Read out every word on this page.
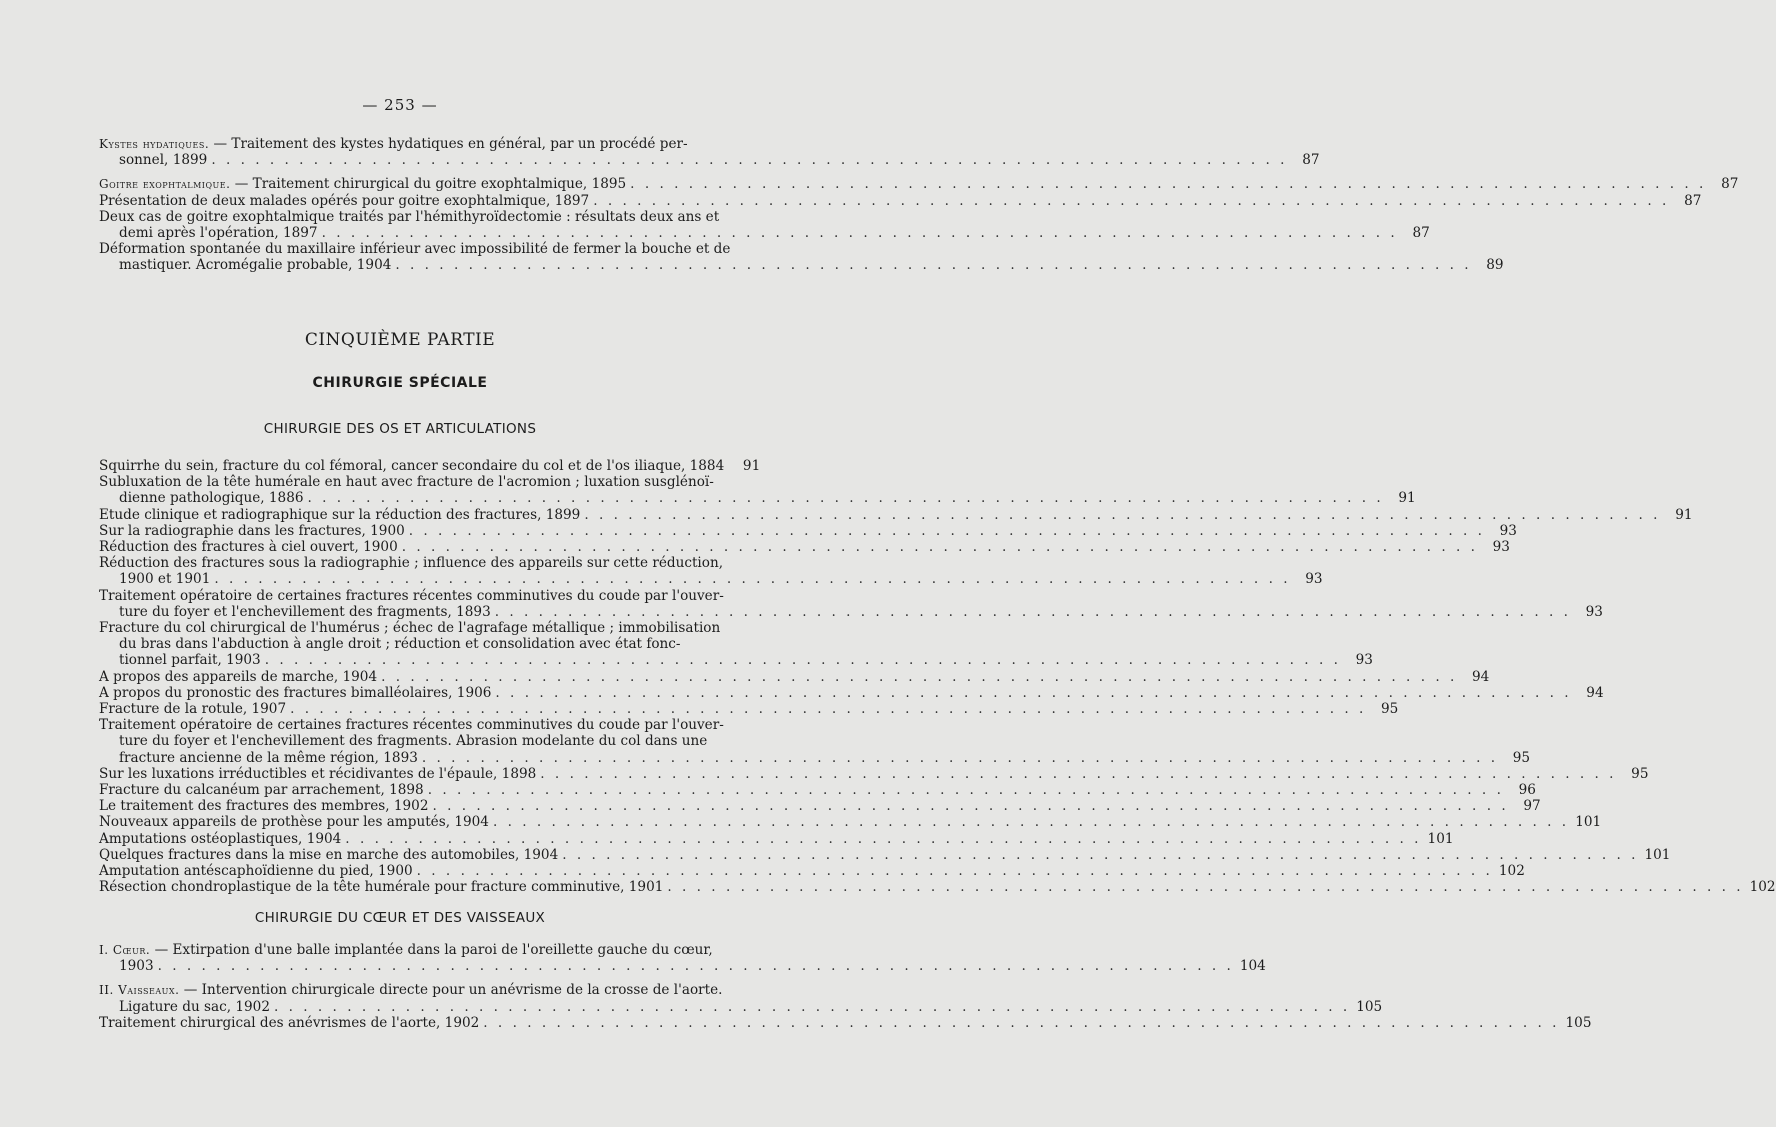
— 253 —
Kystes hydatiques.
— Traitement des kystes hydatiques en général, par un procédé per-
sonnel, 1899 . . .	87
Goitre exophtalmique.
— Traitement chirurgical du goitre exophtalmique, 1895 . . .	87
Présentation de deux malades opérés pour goitre exophtalmique, 1897 . . .	87
Deux cas de goitre exophtalmique traités par l'hémithyroïdectomie : résultats deux ans et
demi après l'opération, 1897 . . .	87
Déformation spontanée du maxillaire inférieur avec impossibilité de fermer la bouche et de
mastiquer. Acromégalie probable, 1904 . . .	89
CINQUIÈME PARTIE
CHIRURGIE SPÉCIALE
CHIRURGIE DES OS ET ARTICULATIONS
Squirrhe du sein, fracture du col fémoral, cancer secondaire du col et de l'os iliaque, 1884	91
Subluxation de la tête humérale en haut avec fracture de l'acromion ; luxation susglénoï-
dienne pathologique, 1886 . . .	91
Etude clinique et radiographique sur la réduction des fractures, 1899 . . .	91
Sur la radiographie dans les fractures, 1900 . . .	93
Réduction des fractures à ciel ouvert, 1900 . . .	93
Réduction des fractures sous la radiographie ; influence des appareils sur cette réduction,
1900 et 1901 . . .	93
Traitement opératoire de certaines fractures récentes comminutives du coude par l'ouver-
ture du foyer et l'enchevillement des fragments, 1893 . . .	93
Fracture du col chirurgical de l'humérus ; échec de l'agrafage métallique ; immobilisation
du bras dans l'abduction à angle droit ; réduction et consolidation avec état fonc-
tionnel parfait, 1903 . . .	93
A propos des appareils de marche, 1904 . . .	94
A propos du pronostic des fractures bimalléolaires, 1906 . . .	94
Fracture de la rotule, 1907 . . .	95
Traitement opératoire de certaines fractures récentes comminutives du coude par l'ouver-
ture du foyer et l'enchevillement des fragments. Abrasion modelante du col dans une
fracture ancienne de la même région, 1893 . . .	95
Sur les luxations irréductibles et récidivantes de l'épaule, 1898 . . .	95
Fracture du calcanéum par arrachement, 1898 . . .	96
Le traitement des fractures des membres, 1902 . . .	97
Nouveaux appareils de prothèse pour les amputés, 1904 . . .	101
Amputations ostéoplastiques, 1904 . . .	101
Quelques fractures dans la mise en marche des automobiles, 1904 . . .	101
Amputation antéscaphoïdienne du pied, 1900 . . .	102
Résection chondroplastique de la tête humérale pour fracture comminutive, 1901 . . .	102
CHIRURGIE DU CŒUR ET DES VAISSEAUX
I. Cœur.
— Extirpation d'une balle implantée dans la paroi de l'oreillette gauche du cœur,
1903 . . .	104
II. Vaisseaux.
— Intervention chirurgicale directe pour un anévrisme de la crosse de l'aorte.
Ligature du sac, 1902 . . .	105
Traitement chirurgical des anévrismes de l'aorte, 1902 . . .	105
